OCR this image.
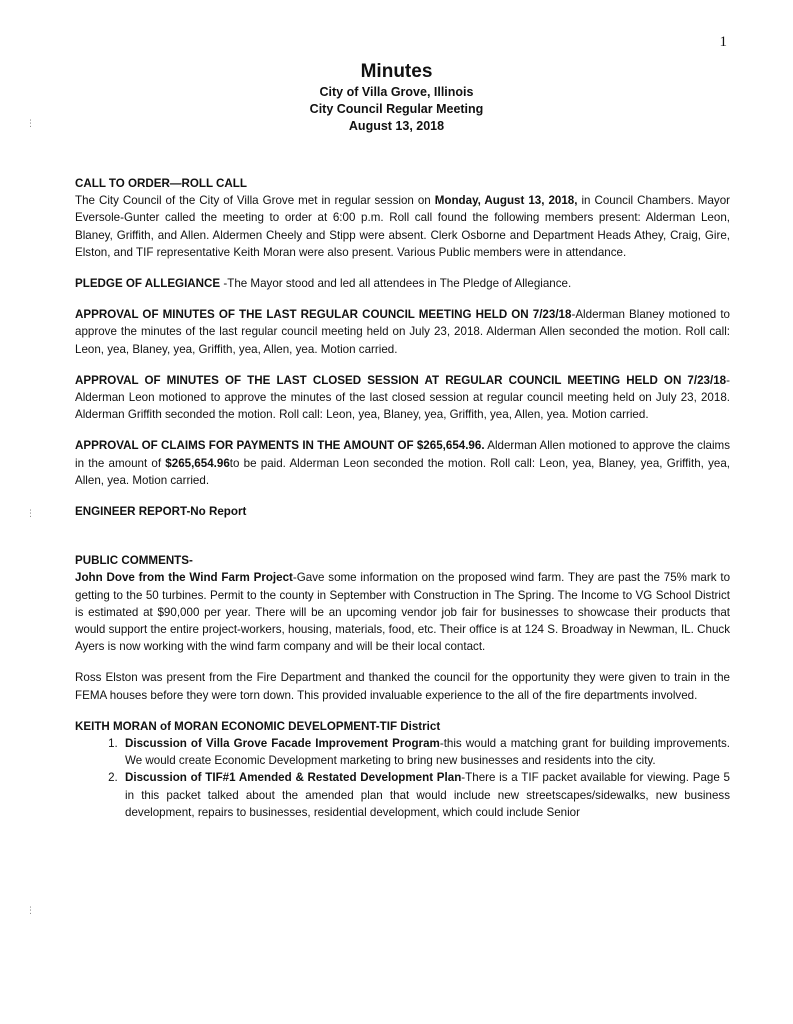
1
⋮
⋮
⋮
Minutes
City of Villa Grove, Illinois
City Council Regular Meeting
August 13, 2018
CALL TO ORDER—ROLL CALL
The City Council of the City of Villa Grove met in regular session on Monday, August 13, 2018, in Council Chambers. Mayor Eversole-Gunter called the meeting to order at 6:00 p.m. Roll call found the following members present: Alderman Leon, Blaney, Griffith, and Allen. Aldermen Cheely and Stipp were absent. Clerk Osborne and Department Heads Athey, Craig, Gire, Elston, and TIF representative Keith Moran were also present. Various Public members were in attendance.
PLEDGE OF ALLEGIANCE -The Mayor stood and led all attendees in The Pledge of Allegiance.
APPROVAL OF MINUTES OF THE LAST REGULAR COUNCIL MEETING HELD ON 7/23/18-Alderman Blaney motioned to approve the minutes of the last regular council meeting held on July 23, 2018. Alderman Allen seconded the motion. Roll call: Leon, yea, Blaney, yea, Griffith, yea, Allen, yea. Motion carried.
APPROVAL OF MINUTES OF THE LAST CLOSED SESSION AT REGULAR COUNCIL MEETING HELD ON 7/23/18-Alderman Leon motioned to approve the minutes of the last closed session at regular council meeting held on July 23, 2018. Alderman Griffith seconded the motion. Roll call: Leon, yea, Blaney, yea, Griffith, yea, Allen, yea. Motion carried.
APPROVAL OF CLAIMS FOR PAYMENTS IN THE AMOUNT OF $265,654.96. Alderman Allen motioned to approve the claims in the amount of $265,654.96to be paid. Alderman Leon seconded the motion. Roll call: Leon, yea, Blaney, yea, Griffith, yea, Allen, yea. Motion carried.
ENGINEER REPORT-No Report
PUBLIC COMMENTS-
John Dove from the Wind Farm Project-Gave some information on the proposed wind farm. They are past the 75% mark to getting to the 50 turbines. Permit to the county in September with Construction in The Spring. The Income to VG School District is estimated at $90,000 per year. There will be an upcoming vendor job fair for businesses to showcase their products that would support the entire project-workers, housing, materials, food, etc. Their office is at 124 S. Broadway in Newman, IL. Chuck Ayers is now working with the wind farm company and will be their local contact.
Ross Elston was present from the Fire Department and thanked the council for the opportunity they were given to train in the FEMA houses before they were torn down. This provided invaluable experience to the all of the fire departments involved.
KEITH MORAN of MORAN ECONOMIC DEVELOPMENT-TIF District
1. Discussion of Villa Grove Facade Improvement Program-this would a matching grant for building improvements. We would create Economic Development marketing to bring new businesses and residents into the city.
2. Discussion of TIF#1 Amended & Restated Development Plan-There is a TIF packet available for viewing. Page 5 in this packet talked about the amended plan that would include new streetscapes/sidewalks, new business development, repairs to businesses, residential development, which could include Senior
